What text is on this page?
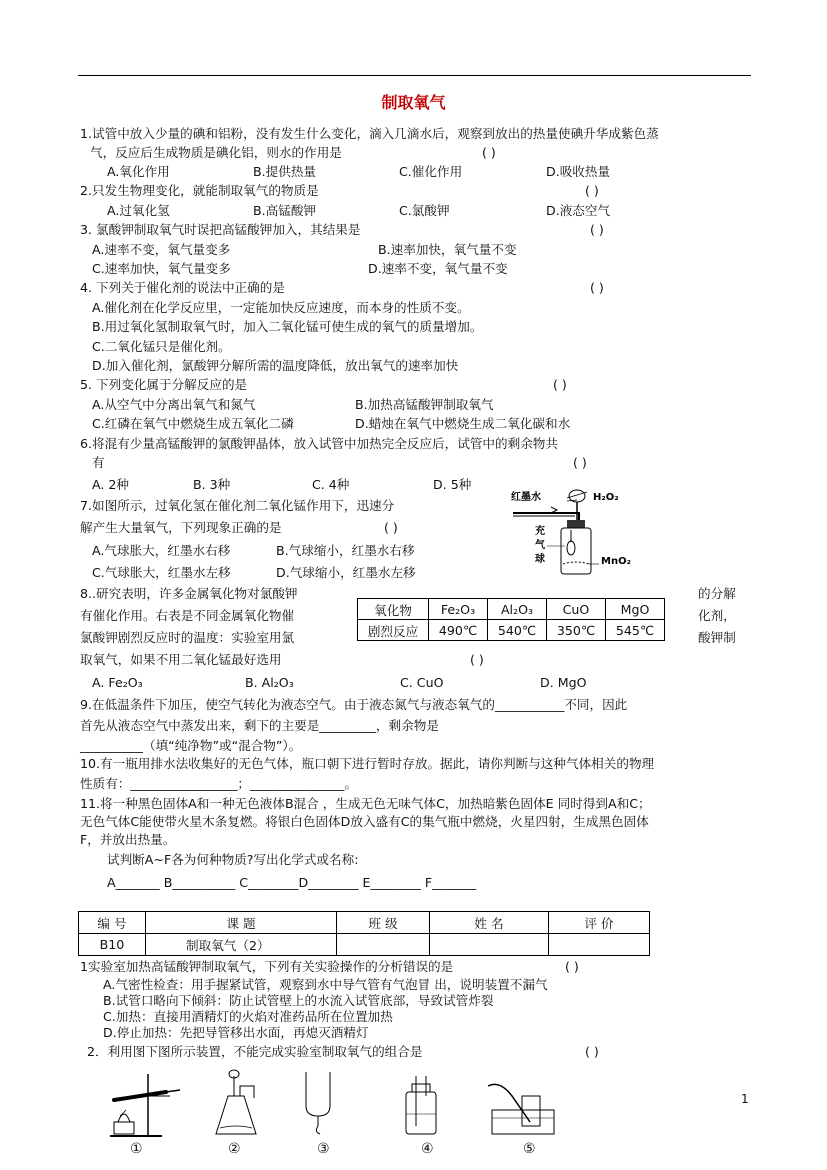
制取氧气
1.试管中放入少量的碘和铝粉，没有发生什么变化，滴入几滴水后，观察到放出的热量使碘升华成紫色蒸
气，反应后生成物质是碘化铝，则水的作用是	( )
A.氧化作用	B.提供热量	C.催化作用	D.吸收热量
2.只发生物理变化，就能制取氧气的物质是	( )
A.过氧化氢	B.高锰酸钾	C.氯酸钾	D.液态空气
3. 氯酸钾制取氧气时误把高锰酸钾加入，其结果是	( )
A.速率不变，氧气量变多	B.速率加快，氧气量不变
C.速率加快，氧气量变多	D.速率不变，氧气量不变
4. 下列关于催化剂的说法中正确的是	( )
A.催化剂在化学反应里，一定能加快反应速度，而本身的性质不变。
B.用过氧化氢制取氧气时，加入二氧化锰可使生成的氧气的质量增加。
C.二氧化锰只是催化剂。
D.加入催化剂，氯酸钾分解所需的温度降低，放出氧气的速率加快
5. 下列变化属于分解反应的是	( )
A.从空气中分离出氧气和氮气	B.加热高锰酸钾制取氧气
C.红磷在氧气中燃烧生成五氧化二磷	D.蜡烛在氧气中燃烧生成二氧化碳和水
6.将混有少量高锰酸钾的氯酸钾晶体，放入试管中加热完全反应后，试管中的剩余物共
有	( )
A. 2种	B. 3种	C. 4种	D. 5种
7.如图所示，过氧化氢在催化剂二氧化锰作用下，迅速分
解产生大量氧气，下列现象正确的是	( )
A.气球胀大，红墨水右移	B.气球缩小，红墨水右移
C.气球胀大，红墨水左移	D.气球缩小，红墨水左移
8..研究表明，许多金属氧化物对氯酸钾	的分解
有催化作用。右表是不同金属氧化物催	化剂，
氯酸钾剧烈反应时的温度：实验室用氯	酸钾制
取氧气，如果不用二氧化锰最好选用	( )
A. Fe₂O₃	B. Al₂O₃	C. CuO	D. MgO
9.在低温条件下加压，使空气转化为液态空气。由于液态氮气与液态氧气的___________不同，因此
首先从液态空气中蒸发出来，剩下的主要是_________，剩余物是
__________（填“纯净物”或“混合物”）。
10.有一瓶用排水法收集好的无色气体，瓶口朝下进行暂时存放。据此，请你判断与这种气体相关的物理
性质有：_________________；_______________。
11.将一种黑色固体A和一种无色液体B混合 ，生成无色无味气体C，加热暗紫色固体E 同时得到A和C；
无色气体C能使带火星木条复燃。将银白色固体D放入盛有C的集气瓶中燃烧，火星四射，生成黑色固体
F，并放出热量。
试判断A~F各为何种物质?写出化学式或名称:
A_______ B__________ C________D________ E________ F_______
1实验室加热高锰酸钾制取氧气，下列有关实验操作的分析错误的是	( )
A.气密性检查：用手握紧试管，观察到水中导气管有气泡冒 出，说明装置不漏气
B.试管口略向下倾斜：防止试管壁上的水流入试管底部，导致试管炸裂
C.加热：直接用酒精灯的火焰对准药品所在位置加热
D.停止加热：先把导管移出水面，再熄灭酒精灯
2．利用图下图所示装置，不能完成实验室制取氧气的组合是	( )
红墨水	H₂O₂
充
气
球	MnO₂
氧化物	Fe₂O₃	Al₂O₃	CuO	MgO
剧烈反应	490℃	540℃	350℃	545℃
编 号	课 题	班 级	姓 名	评 价
B10	制取氧气（2）			
①	②	③	④	⑤
1
